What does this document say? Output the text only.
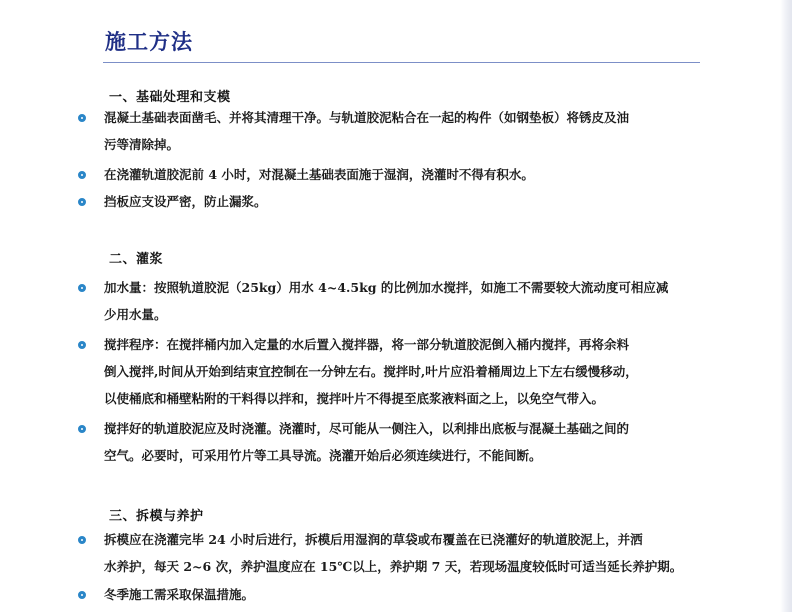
施工方法
一、基础处理和支模
混凝土基础表面凿毛、并将其清理干净。与轨道胶泥粘合在一起的构件（如钢垫板）将锈皮及油
污等清除掉。
在浇灌轨道胶泥前 4 小时，对混凝土基础表面施于湿润，浇灌时不得有积水。
挡板应支设严密，防止漏浆。
二、灌浆
加水量：按照轨道胶泥（25kg）用水 4~4.5kg 的比例加水搅拌，如施工不需要较大流动度可相应减
少用水量。
搅拌程序：在搅拌桶内加入定量的水后置入搅拌器，将一部分轨道胶泥倒入桶内搅拌，再将余料
倒入搅拌,时间从开始到结束宜控制在一分钟左右。搅拌时,叶片应沿着桶周边上下左右缓慢移动，
以使桶底和桶壁粘附的干料得以拌和，搅拌叶片不得提至底浆液料面之上，以免空气带入。
搅拌好的轨道胶泥应及时浇灌。浇灌时，尽可能从一侧注入，以利排出底板与混凝土基础之间的
空气。必要时，可采用竹片等工具导流。浇灌开始后必须连续进行，不能间断。
三、拆模与养护
拆模应在浇灌完毕 24 小时后进行，拆模后用湿润的草袋或布覆盖在已浇灌好的轨道胶泥上，并洒
水养护，每天 2~6 次，养护温度应在 15℃以上，养护期 7 天，若现场温度较低时可适当延长养护期。
冬季施工需采取保温措施。
